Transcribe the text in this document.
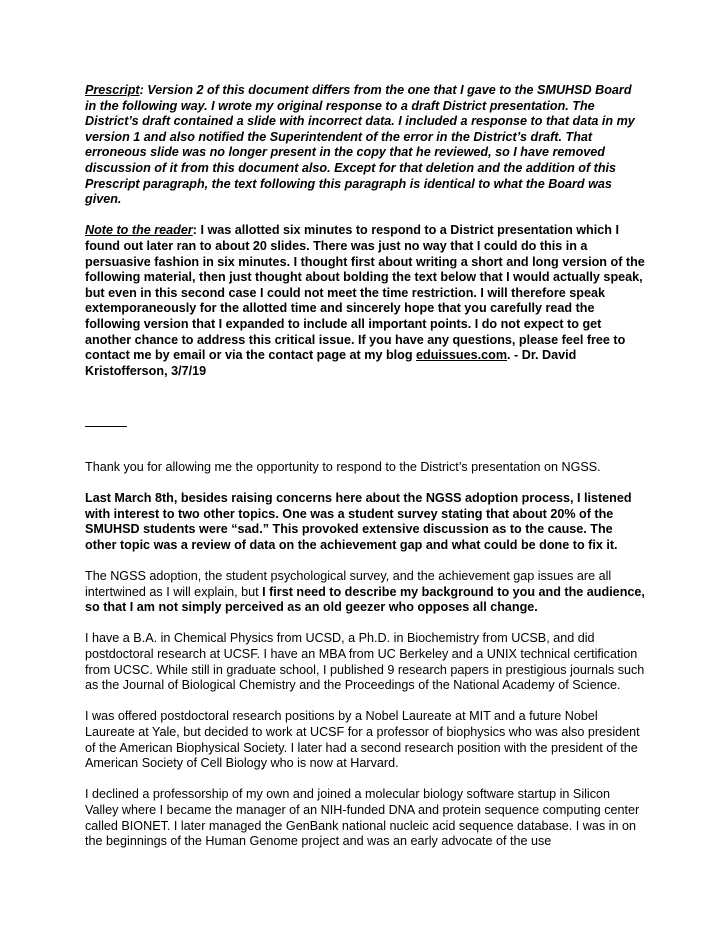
Prescript: Version 2 of this document differs from the one that I gave to the SMUHSD Board in the following way. I wrote my original response to a draft District presentation. The District’s draft contained a slide with incorrect data. I included a response to that data in my version 1 and also notified the Superintendent of the error in the District’s draft. That erroneous slide was no longer present in the copy that he reviewed, so I have removed discussion of it from this document also. Except for that deletion and the addition of this Prescript paragraph, the text following this paragraph is identical to what the Board was given.

Note to the reader: I was allotted six minutes to respond to a District presentation which I found out later ran to about 20 slides. There was just no way that I could do this in a persuasive fashion in six minutes. I thought first about writing a short and long version of the following material, then just thought about bolding the text below that I would actually speak, but even in this second case I could not meet the time restriction. I will therefore speak extemporaneously for the allotted time and sincerely hope that you carefully read the following version that I expanded to include all important points. I do not expect to get another chance to address this critical issue. If you have any questions, please feel free to contact me by email or via the contact page at my blog eduissues.com. - Dr. David Kristofferson, 3/7/19

Thank you for allowing me the opportunity to respond to the District’s presentation on NGSS.

Last March 8th, besides raising concerns here about the NGSS adoption process, I listened with interest to two other topics. One was a student survey stating that about 20% of the SMUHSD students were “sad.” This provoked extensive discussion as to the cause. The other topic was a review of data on the achievement gap and what could be done to fix it.

The NGSS adoption, the student psychological survey, and the achievement gap issues are all intertwined as I will explain, but I first need to describe my background to you and the audience, so that I am not simply perceived as an old geezer who opposes all change.

I have a B.A. in Chemical Physics from UCSD, a Ph.D. in Biochemistry from UCSB, and did postdoctoral research at UCSF. I have an MBA from UC Berkeley and a UNIX technical certification from UCSC. While still in graduate school, I published 9 research papers in prestigious journals such as the Journal of Biological Chemistry and the Proceedings of the National Academy of Science.

I was offered postdoctoral research positions by a Nobel Laureate at MIT and a future Nobel Laureate at Yale, but decided to work at UCSF for a professor of biophysics who was also president of the American Biophysical Society. I later had a second research position with the president of the American Society of Cell Biology who is now at Harvard.

I declined a professorship of my own and joined a molecular biology software startup in Silicon Valley where I became the manager of an NIH-funded DNA and protein sequence computing center called BIONET. I later managed the GenBank national nucleic acid sequence database. I was in on the beginnings of the Human Genome project and was an early advocate of the use
